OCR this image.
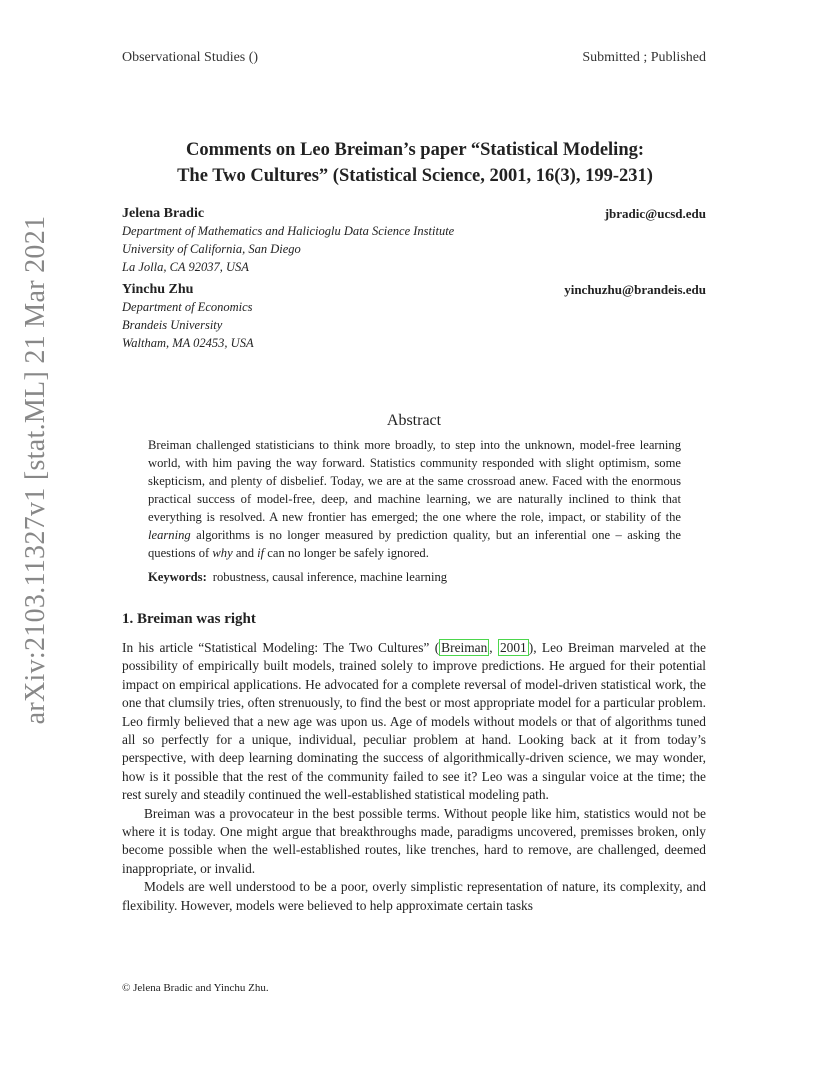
Observational Studies ()	Submitted ; Published
Comments on Leo Breiman’s paper “Statistical Modeling:
The Two Cultures” (Statistical Science, 2001, 16(3), 199-231)
Jelena Bradic	jbradic@ucsd.edu
Department of Mathematics and Halicioglu Data Science Institute
University of California, San Diego
La Jolla, CA 92037, USA
Yinchu Zhu	yinchuzhu@brandeis.edu
Department of Economics
Brandeis University
Waltham, MA 02453, USA
Abstract
Breiman challenged statisticians to think more broadly, to step into the unknown, model-free learning world, with him paving the way forward. Statistics community responded with slight optimism, some skepticism, and plenty of disbelief. Today, we are at the same crossroad anew. Faced with the enormous practical success of model-free, deep, and machine learning, we are naturally inclined to think that everything is resolved. A new frontier has emerged; the one where the role, impact, or stability of the learning algorithms is no longer measured by prediction quality, but an inferential one – asking the questions of why and if can no longer be safely ignored.
Keywords: robustness, causal inference, machine learning
1. Breiman was right

In his article “Statistical Modeling: The Two Cultures” ( Breiman , 2001 ), Leo Breiman marveled at the possibility of empirically built models, trained solely to improve predictions. He argued for their potential impact on empirical applications. He advocated for a complete reversal of model-driven statistical work, the one that clumsily tries, often strenuously, to find the best or most appropriate model for a particular problem. Leo firmly believed that a new age was upon us. Age of models without models or that of algorithms tuned all so perfectly for a unique, individual, peculiar problem at hand. Looking back at it from today’s perspective, with deep learning dominating the success of algorithmically-driven science, we may wonder, how is it possible that the rest of the community failed to see it? Leo was a singular voice at the time; the rest surely and steadily continued the well-established statistical modeling path.

Breiman was a provocateur in the best possible terms. Without people like him, statistics would not be where it is today. One might argue that breakthroughs made, paradigms uncovered, premisses broken, only become possible when the well-established routes, like trenches, hard to remove, are challenged, deemed inappropriate, or invalid.

Models are well understood to be a poor, overly simplistic representation of nature, its complexity, and flexibility. However, models were believed to help approximate certain tasks

© Jelena Bradic and Yinchu Zhu.
arXiv:2103.11327v1 [stat.ML] 21 Mar 2021
